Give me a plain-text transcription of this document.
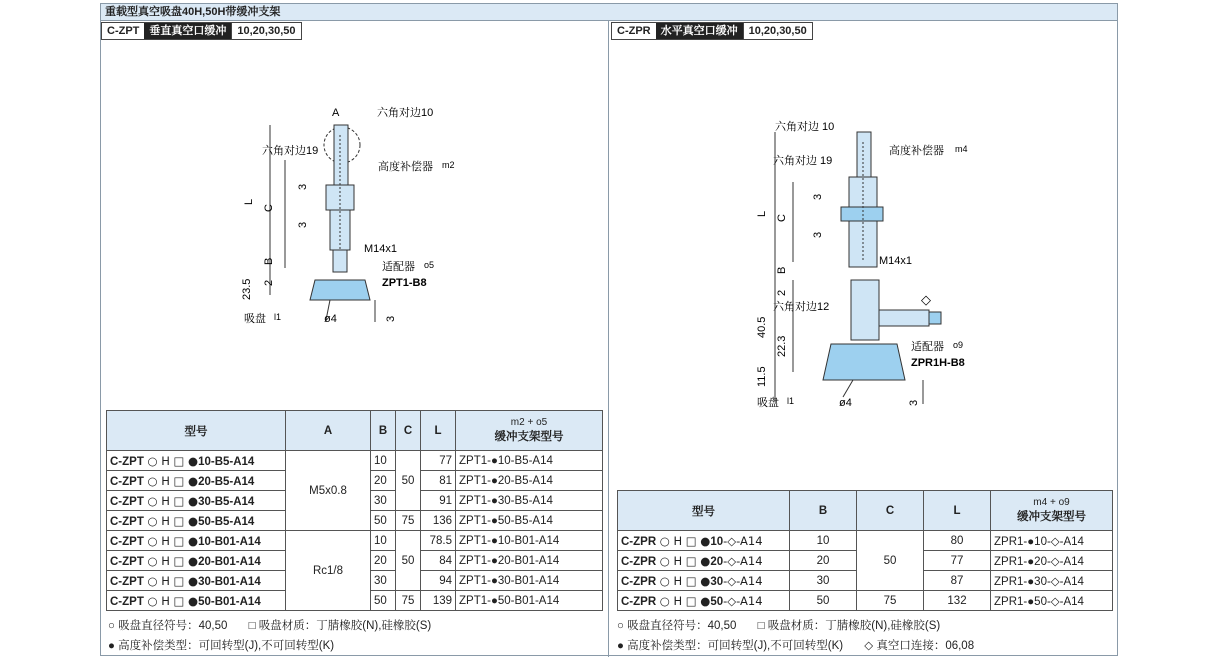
重载型真空吸盘40H,50H带缓冲支架
C-ZPT 垂直真空口缓冲	10,20,30,50	C-ZPR 水平真空口缓冲	10,20,30,50
A	六角对边10
六角对边19
高度补偿器 m2
M14x1
适配器 o5
ZPT1-B8
吸盘 l1	ø4
L
C
B
3
3
2
23.5
3
六角对边 10
六角对边 19
高度补偿器 m4
M14x1
◇
六角对边12
适配器 o9
ZPR1H-B8
吸盘 l1	ø4
L
C
B
3
3
2
40.5
22.3
11.5
3
型号	A	B	C	L	m2 + o5
缓冲支架型号

C-ZPT ○ H □ ●10-B5-A14	M5x0.8	10	50	77	ZPT1-●10-B5-A14
C-ZPT ○ H □ ●20-B5-A14		20		81	ZPT1-●20-B5-A14
C-ZPT ○ H □ ●30-B5-A14		30		91	ZPT1-●30-B5-A14
C-ZPT ○ H □ ●50-B5-A14		50	75	136	ZPT1-●50-B5-A14
C-ZPT ○ H □ ●10-B01-A14	Rc1/8	10	50	78.5	ZPT1-●10-B01-A14
C-ZPT ○ H □ ●20-B01-A14		20		84	ZPT1-●20-B01-A14
C-ZPT ○ H □ ●30-B01-A14		30		94	ZPT1-●30-B01-A14
C-ZPT ○ H □ ●50-B01-A14		50	75	139	ZPT1-●50-B01-A14
型号	B	C	L	m4 + o9
缓冲支架型号

C-ZPR ○ H □ ●10-◇-A14	10	50	80	ZPR1-●10-◇-A14
C-ZPR ○ H □ ●20-◇-A14	20		77	ZPR1-●20-◇-A14
C-ZPR ○ H □ ●30-◇-A14	30		87	ZPR1-●30-◇-A14
C-ZPR ○ H □ ●50-◇-A14	50	75	132	ZPR1-●50-◇-A14
○ 吸盘直径符号：40,50 □ 吸盘材质：丁腈橡胶(N),硅橡胶(S)
● 高度补偿类型：可回转型(J),不可回转型(K)
○ 吸盘直径符号：40,50 □ 吸盘材质：丁腈橡胶(N),硅橡胶(S)
● 高度补偿类型：可回转型(J),不可回转型(K) ◇ 真空口连接：06,08
